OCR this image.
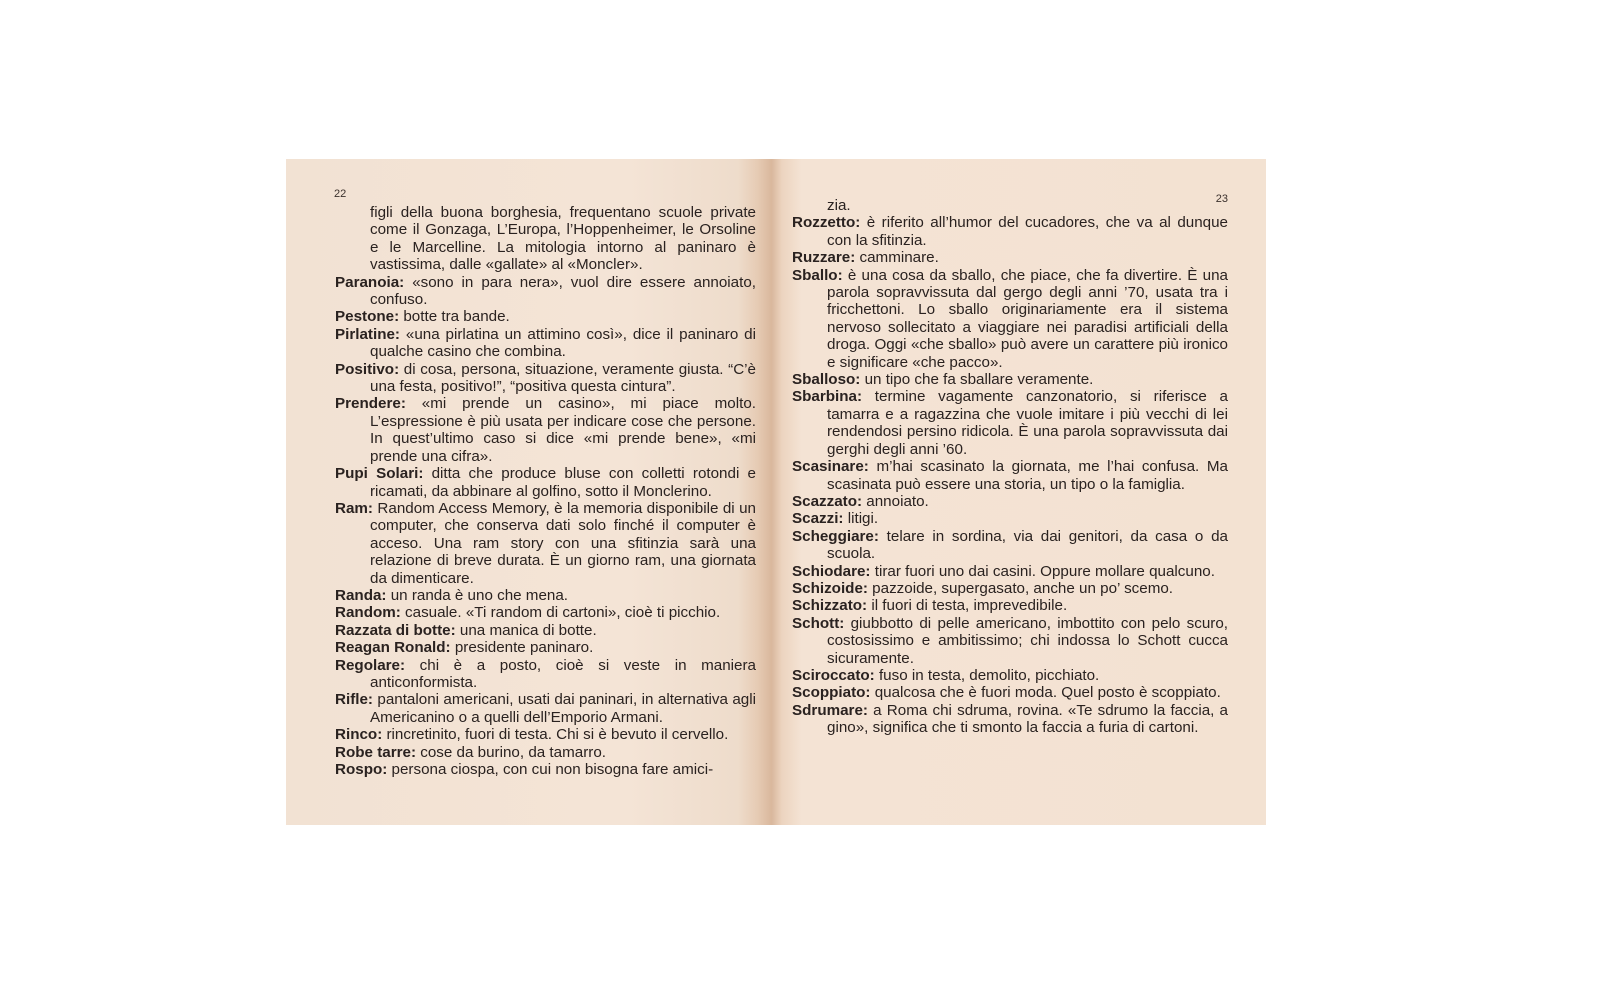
22

figli della buona borghesia, frequentano scuole private come il Gonzaga, L’Europa, l’Hoppenheimer, le Orsoline e le Marcelline. La mitologia intorno al paninaro è vastissima, dalle «gallate» al «Moncler».

Paranoia: «sono in para nera», vuol dire essere annoiato, confuso.

Pestone: botte tra bande.

Pirlatine: «una pirlatina un attimino così», dice il paninaro di qualche casino che combina.

Positivo: di cosa, persona, situazione, veramente giusta. “C’è una festa, positivo!”, “positiva questa cintura”.

Prendere: «mi prende un casino», mi piace molto. L’espressione è più usata per indicare cose che persone. In quest’ultimo caso si dice «mi prende bene», «mi prende una cifra».

Pupi Solari: ditta che produce bluse con colletti rotondi e ricamati, da abbinare al golfino, sotto il Monclerino.

Ram: Random Access Memory, è la memoria disponibile di un computer, che conserva dati solo finché il computer è acceso. Una ram story con una sfitinzia sarà una relazione di breve durata. È un giorno ram, una giornata da dimenticare.

Randa: un randa è uno che mena.

Random: casuale. «Ti random di cartoni», cioè ti picchio.

Razzata di botte: una manica di botte.

Reagan Ronald: presidente paninaro.

Regolare: chi è a posto, cioè si veste in maniera anticonformista.

Rifle: pantaloni americani, usati dai paninari, in alternativa agli Americanino o a quelli dell’Emporio Armani.

Rinco: rincretinito, fuori di testa. Chi si è bevuto il cervello.

Robe tarre: cose da burino, da tamarro.

Rospo: persona ciospa, con cui non bisogna fare amici-

23

zia.

Rozzetto: è riferito all’humor del cucadores, che va al dunque con la sfitinzia.

Ruzzare: camminare.

Sballo: è una cosa da sballo, che piace, che fa divertire. È una parola sopravvissuta dal gergo degli anni ’70, usata tra i fricchettoni. Lo sballo originariamente era il sistema nervoso sollecitato a viaggiare nei paradisi artificiali della droga. Oggi «che sballo» può avere un carattere più ironico e significare «che pacco».

Sballoso: un tipo che fa sballare veramente.

Sbarbina: termine vagamente canzonatorio, si riferisce a tamarra e a ragazzina che vuole imitare i più vecchi di lei rendendosi persino ridicola. È una parola sopravvissuta dai gerghi degli anni ’60.

Scasinare: m’hai scasinato la giornata, me l’hai confusa. Ma scasinata può essere una storia, un tipo o la famiglia.

Scazzato: annoiato.

Scazzi: litigi.

Scheggiare: telare in sordina, via dai genitori, da casa o da scuola.

Schiodare: tirar fuori uno dai casini. Oppure mollare qualcuno.

Schizoide: pazzoide, supergasato, anche un po’ scemo.

Schizzato: il fuori di testa, imprevedibile.

Schott: giubbotto di pelle americano, imbottito con pelo scuro, costosissimo e ambitissimo; chi indossa lo Schott cucca sicuramente.

Sciroccato: fuso in testa, demolito, picchiato.

Scoppiato: qualcosa che è fuori moda. Quel posto è scoppiato.

Sdrumare: a Roma chi sdruma, rovina. «Te sdrumo la faccia, a gino», significa che ti smonto la faccia a furia di cartoni.
